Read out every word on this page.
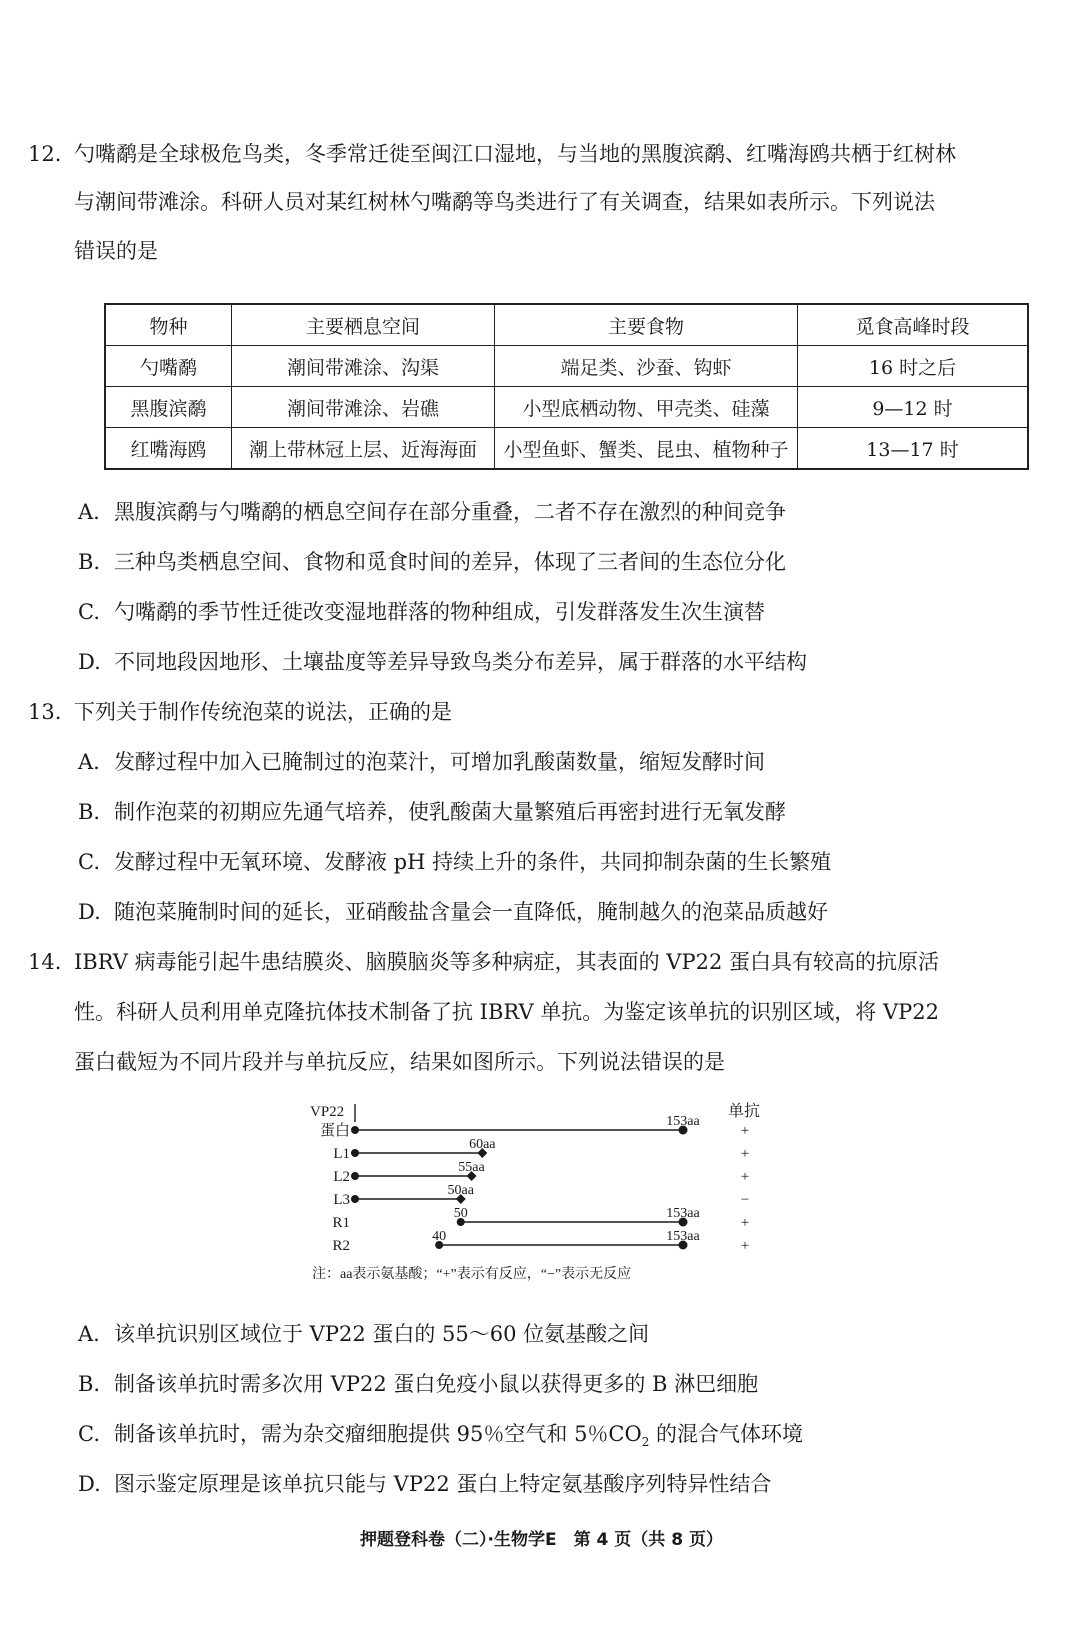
12. 勺嘴鹬是全球极危鸟类，冬季常迁徙至闽江口湿地，与当地的黑腹滨鹬、红嘴海鸥共栖于红树林
与潮间带滩涂。科研人员对某红树林勺嘴鹬等鸟类进行了有关调查，结果如表所示。下列说法
错误的是
物种	主要栖息空间	主要食物	觅食高峰时段
勺嘴鹬	潮间带滩涂、沟渠	端足类、沙蚕、钩虾	16 时之后
黑腹滨鹬	潮间带滩涂、岩礁	小型底栖动物、甲壳类、硅藻	9—12 时
红嘴海鸥	潮上带林冠上层、近海海面	小型鱼虾、蟹类、昆虫、植物种子	13—17 时
A. 黑腹滨鹬与勺嘴鹬的栖息空间存在部分重叠，二者不存在激烈的种间竞争
B. 三种鸟类栖息空间、食物和觅食时间的差异，体现了三者间的生态位分化
C. 勺嘴鹬的季节性迁徙改变湿地群落的物种组成，引发群落发生次生演替
D. 不同地段因地形、土壤盐度等差异导致鸟类分布差异，属于群落的水平结构
13. 下列关于制作传统泡菜的说法，正确的是
A. 发酵过程中加入已腌制过的泡菜汁，可增加乳酸菌数量，缩短发酵时间
B. 制作泡菜的初期应先通气培养，使乳酸菌大量繁殖后再密封进行无氧发酵
C. 发酵过程中无氧环境、发酵液 pH 持续上升的条件，共同抑制杂菌的生长繁殖
D. 随泡菜腌制时间的延长，亚硝酸盐含量会一直降低，腌制越久的泡菜品质越好
14. IBRV 病毒能引起牛患结膜炎、脑膜脑炎等多种病症，其表面的 VP22 蛋白具有较高的抗原活
性。科研人员利用单克隆抗体技术制备了抗 IBRV 单抗。为鉴定该单抗的识别区域，将 VP22
蛋白截短为不同片段并与单抗反应，结果如图所示。下列说法错误的是
VP22	单抗
蛋白
153aa
+
L1
60aa
+
L2
55aa
+
L3
50aa
−
R1
50	153aa
+
R2
40	153aa
+
注：aa表示氨基酸；“+”表示有反应，“−”表示无反应
A. 该单抗识别区域位于 VP22 蛋白的 55～60 位氨基酸之间
B. 制备该单抗时需多次用 VP22 蛋白免疫小鼠以获得更多的 B 淋巴细胞
C. 制备该单抗时，需为杂交瘤细胞提供 95％空气和 5％$CO_2$ 的混合气体环境
D. 图示鉴定原理是该单抗只能与 VP22 蛋白上特定氨基酸序列特异性结合
押题登科卷（二）·生物学E　第 4 页（共 8 页）
